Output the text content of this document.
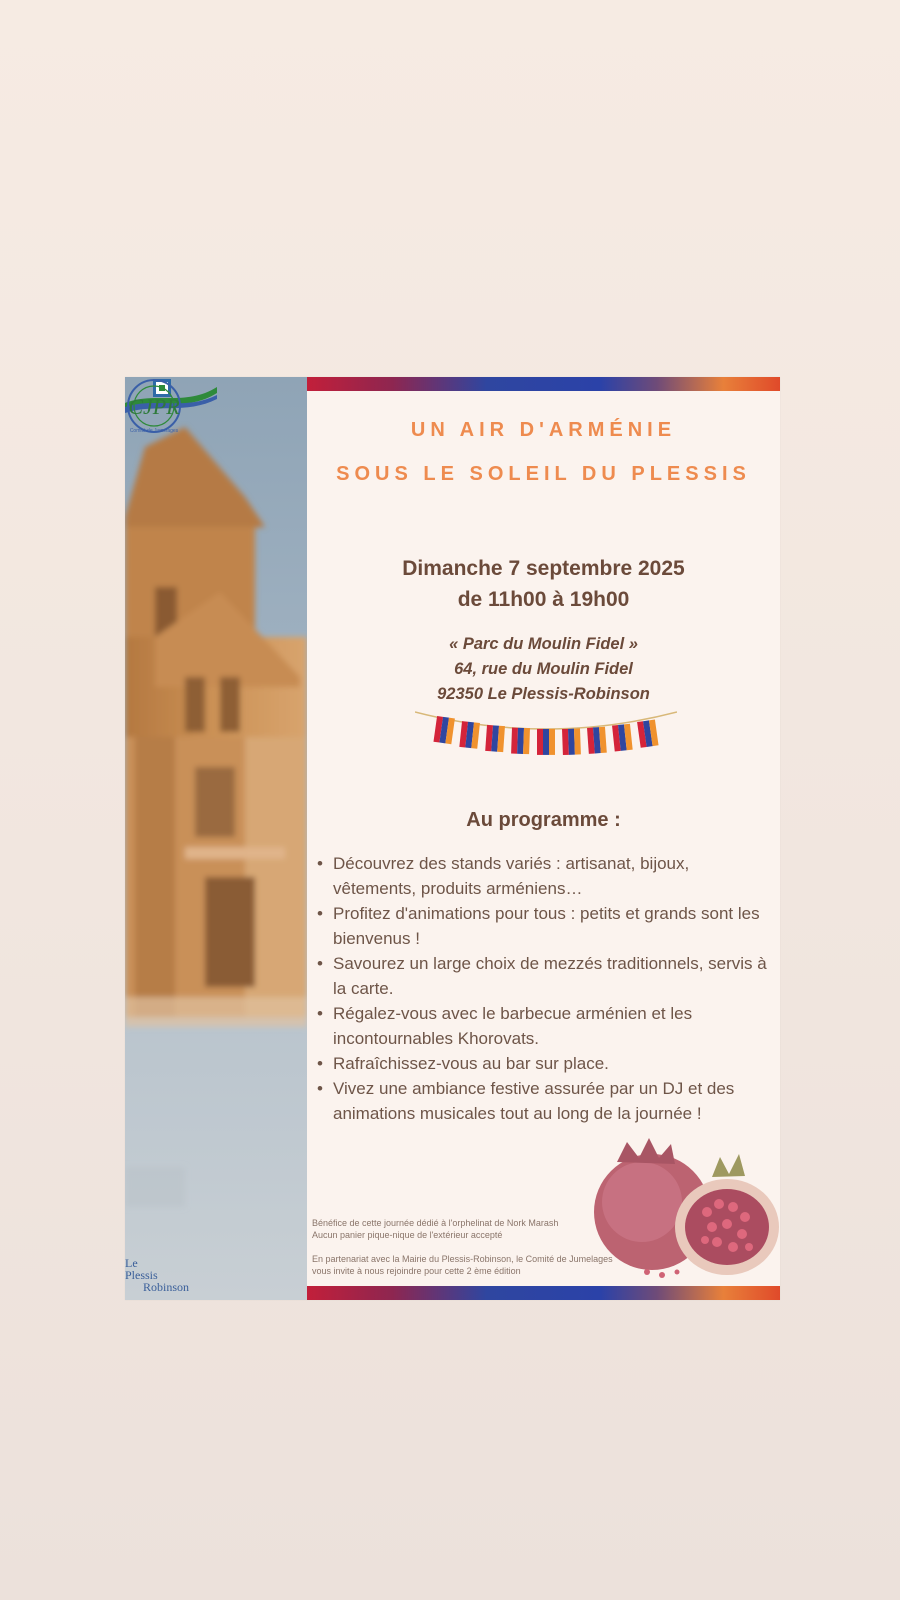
Le
Plessis
Robinson
CJPR
Comité de Jumelages	UN AIR D'ARMÉNIE
SOUS LE SOLEIL DU PLESSIS
Dimanche 7 septembre 2025
de 11h00 à 19h00
« Parc du Moulin Fidel »
64, rue du Moulin Fidel
92350 Le Plessis-Robinson
Au programme :
• Découvrez des stands variés : artisanat, bijoux, vêtements, produits arméniens…
• Profitez d'animations pour tous : petits et grands sont les bienvenus !
• Savourez un large choix de mezzés traditionnels, servis à la carte.
• Régalez-vous avec le barbecue arménien et les incontournables Khorovats.
• Rafraîchissez-vous au bar sur place.
• Vivez une ambiance festive assurée par un DJ et des animations musicales tout au long de la journée !
Bénéfice de cette journée dédié à l'orphelinat de Nork Marash
Aucun panier pique-nique de l'extérieur accepté
En partenariat avec la Mairie du Plessis-Robinson, le Comité de Jumelages vous invite à nous rejoindre pour cette 2 ème édition
